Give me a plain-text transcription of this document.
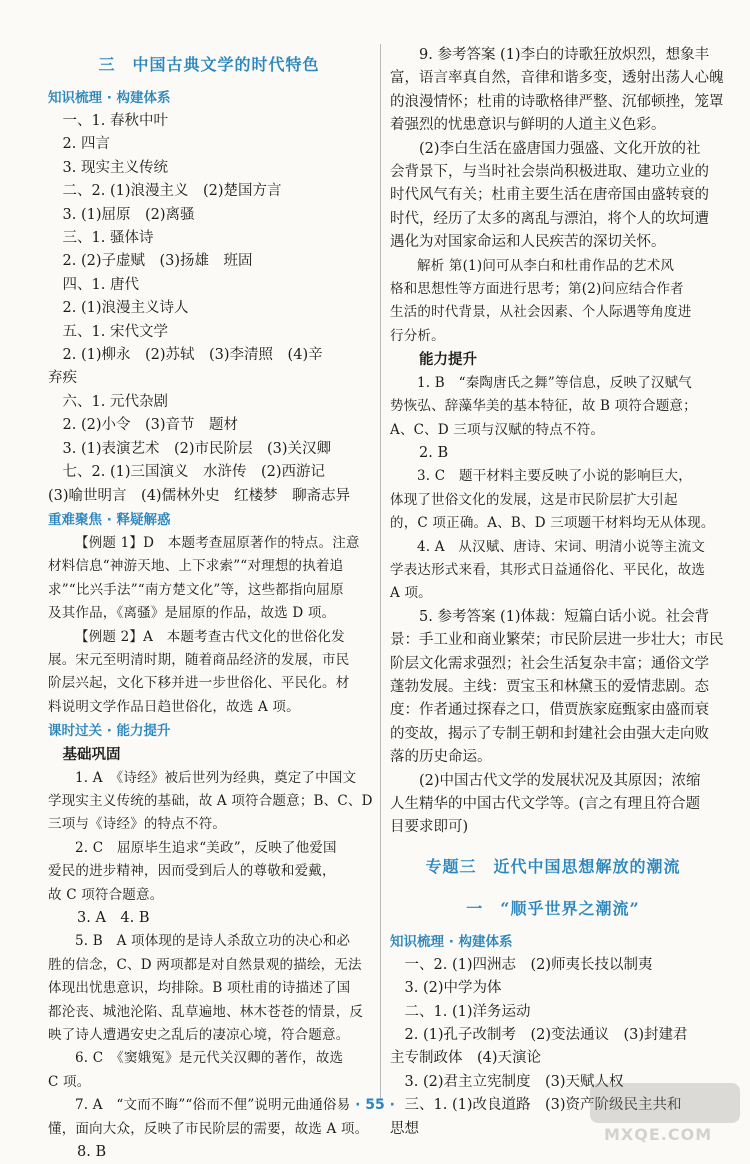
三　中国古典文学的时代特色
知识梳理 · 构建体系
一、1. 春秋中叶
2. 四言
3. 现实主义传统
二、2. (1)浪漫主义　(2)楚国方言
3. (1)屈原　(2)离骚
三、1. 骚体诗
2. (2)子虚赋　(3)扬雄　班固
四、1. 唐代
2. (1)浪漫主义诗人
五、1. 宋代文学
2. (1)柳永　(2)苏轼　(3)李清照　(4)辛
弃疾
六、1. 元代杂剧
2. (2)小令　(3)音节　题材
3. (1)表演艺术　(2)市民阶层　(3)关汉卿
七、2. (1)三国演义　水浒传　(2)西游记
(3)喻世明言　(4)儒林外史　红楼梦　聊斋志异
重难聚焦 · 释疑解惑
【例题 1】D　本题考查屈原著作的特点。注意
材料信息“神游天地、上下求索”“对理想的执着追
求”“比兴手法”“南方楚文化”等，这些都指向屈原
及其作品，《离骚》是屈原的作品，故选 D 项。
【例题 2】A　本题考查古代文化的世俗化发
展。宋元至明清时期，随着商品经济的发展，市民
阶层兴起，文化下移并进一步世俗化、平民化。材
料说明文学作品日趋世俗化，故选 A 项。
课时过关 · 能力提升
基础巩固
1. A　《诗经》被后世列为经典，奠定了中国文
学现实主义传统的基础，故 A 项符合题意；B、C、D
三项与《诗经》的特点不符。
2. C　屈原毕生追求“美政”，反映了他爱国
爱民的进步精神，因而受到后人的尊敬和爱戴，
故 C 项符合题意。
3. A　4. B
5. B　A 项体现的是诗人杀敌立功的决心和必
胜的信念，C、D 两项都是对自然景观的描绘，无法
体现出忧患意识，均排除。B 项杜甫的诗描述了国
都沦丧、城池沦陷、乱草遍地、林木苍苍的情景，反
映了诗人遭遇安史之乱后的凄凉心境，符合题意。
6. C　《窦娥冤》是元代关汉卿的著作，故选
C 项。
7. A　“文而不晦”“俗而不俚”说明元曲通俗易
懂，面向大众，反映了市民阶层的需要，故选 A 项。
8. B
9. 参考答案 (1)李白的诗歌狂放炽烈，想象丰
富，语言率真自然，音律和谐多变，透射出荡人心魄
的浪漫情怀；杜甫的诗歌格律严整、沉郁顿挫，笼罩
着强烈的忧患意识与鲜明的人道主义色彩。
(2)李白生活在盛唐国力强盛、文化开放的社
会背景下，与当时社会崇尚积极进取、建功立业的
时代风气有关；杜甫主要生活在唐帝国由盛转衰的
时代，经历了太多的离乱与漂泊，将个人的坎坷遭
遇化为对国家命运和人民疾苦的深切关怀。
解析 第(1)问可从李白和杜甫作品的艺术风
格和思想性等方面进行思考；第(2)问应结合作者
生活的时代背景，从社会因素、个人际遇等角度进
行分析。
能力提升
1. B　“秦陶唐氏之舞”等信息，反映了汉赋气
势恢弘、辞藻华美的基本特征，故 B 项符合题意；
A、C、D 三项与汉赋的特点不符。
2. B
3. C　题干材料主要反映了小说的影响巨大，
体现了世俗文化的发展，这是市民阶层扩大引起
的，C 项正确。A、B、D 三项题干材料均无从体现。
4. A　从汉赋、唐诗、宋词、明清小说等主流文
学表达形式来看，其形式日益通俗化、平民化，故选
A 项。
5. 参考答案 (1)体裁：短篇白话小说。社会背
景：手工业和商业繁荣；市民阶层进一步壮大；市民
阶层文化需求强烈；社会生活复杂丰富；通俗文学
蓬勃发展。主线：贾宝玉和林黛玉的爱情悲剧。态
度：作者通过探春之口，借贾族家庭甄家由盛而衰
的变故，揭示了专制王朝和封建社会由强大走向败
落的历史命运。
(2)中国古代文学的发展状况及其原因；浓缩
人生精华的中国古代文学等。(言之有理且符合题
目要求即可)
专题三　近代中国思想解放的潮流
一　“顺乎世界之潮流”
知识梳理 · 构建体系
一、2. (1)四洲志　(2)师夷长技以制夷
3. (2)中学为体
二、1. (1)洋务运动
2. (1)孔子改制考　(2)变法通议　(3)封建君
主专制政体　(4)天演论
3. (2)君主立宪制度　(3)天赋人权
三、1. (1)改良道路　(3)资产阶级民主共和
思想
· 55 ·
MXQE.COM
